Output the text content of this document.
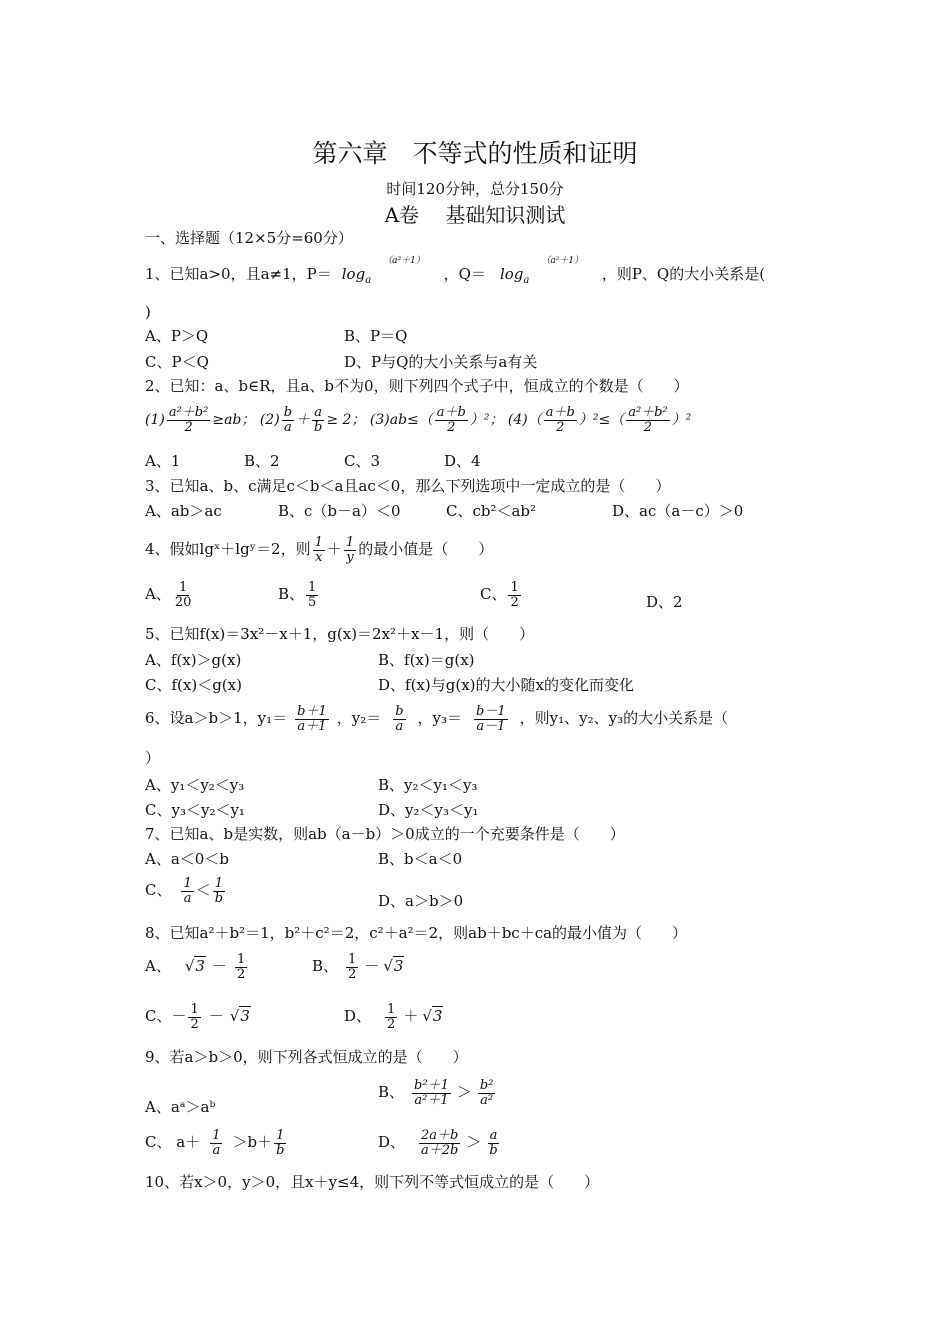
第六章　不等式的性质和证明
时间120分钟，总分150分
A卷　 基础知识测试
一、选择题（12×5分=60分）
1、已知a>0，且a≠1，$P= \log_a^{(a^3+1)}$ ，$Q= \log_a^{(a^2+1)}$ ，则P、Q的大小关系是(
)
A、P＞Q	B、P＝Q
C、P＜Q	D、P与Q的大小关系与a有关
2、已知：a、b∈R，且a、b不为0，则下列四个式子中，恒成立的个数是（　　）
$(1) \frac{\text{a²＋b²}}{2} \ge ab$； $(2) \frac{b}{a} + \frac{a}{b} \ge 2$； $(3)ab\le( \frac{a+b}{2} )^2$； $(4)( \frac{a+b}{2} )^2\le( \frac{\text{a²＋b²}}{2} )^2$
A、1	B、2	C、3	D、4
3、已知a、b、c满足c＜b＜a且ac＜0，那么下列选项中一定成立的是（　　）
A、ab＞ac	B、c（b－a）＜0	C、cb²＜ab²	D、ac（a－c）＞0
4、假如lgˣ＋lgʸ＝2，则 $\frac{1}{x} + \frac{1}{y}$ 的最小值是（　　）
A、 $\frac{1}{20}$	B、 $\frac{1}{5}$	C、 $\frac{1}{2}$	D、2
5、已知f(x)＝3x²－x＋1，g(x)＝2x²＋x－1，则（　　）
A、f(x)＞g(x)	B、f(x)＝g(x)
C、f(x)＜g(x)	D、f(x)与g(x)的大小随x的变化而变化
6、设a＞b＞1，$y_1= \frac{b+1}{a+1}$ ，$y_2= \frac{b}{a}$ ，$y_3= \frac{b-1}{a-1}$ ，则y₁、y₂、y₃的大小关系是（
）
A、y₁＜y₂＜y₃	B、y₂＜y₁＜y₃
C、y₃＜y₂＜y₁	D、y₂＜y₃＜y₁
7、已知a、b是实数，则ab（a－b）＞0成立的一个充要条件是（　　）
A、a＜0＜b	B、b＜a＜0
C、 $\frac{1}{a} < \frac{1}{b}$	D、a＞b＞0
8、已知a²＋b²＝1，b²＋c²＝2，c²＋a²＝2，则ab＋bc＋ca的最小值为（　　）
A、 $√3 - \frac{1}{2}$	B、 $\frac{1}{2} - √3$
C、－ $\frac{1}{2} - √3$	D、 $\frac{1}{2} + √3$
9、若a＞b＞0，则下列各式恒成立的是（　　）
A、aᵃ＞aᵇ
B、 $\frac{\text{b²＋1}}{\text{a²＋1}} > \frac{\text{b²}}{\text{a²}}$
C、 $a+ \frac{1}{a} >b+ \frac{1}{b}$	D、 $\frac{2a+b}{a+2b} > \frac{a}{b}$
10、若x＞0，y＞0，且x＋y≤4，则下列不等式恒成立的是（　　）
